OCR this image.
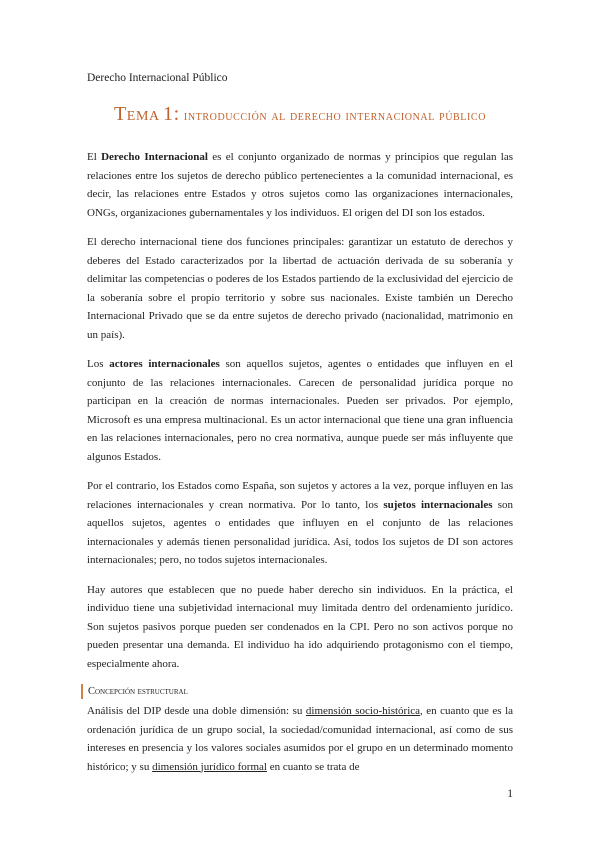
Derecho Internacional Público
TEMA 1: introducción al derecho internacional público

El Derecho Internacional es el conjunto organizado de normas y principios que regulan las relaciones entre los sujetos de derecho público pertenecientes a la comunidad internacional, es decir, las relaciones entre Estados y otros sujetos como las organizaciones internacionales, ONGs, organizaciones gubernamentales y los individuos. El origen del DI son los estados.

El derecho internacional tiene dos funciones principales: garantizar un estatuto de derechos y deberes del Estado caracterizados por la libertad de actuación derivada de su soberanía y delimitar las competencias o poderes de los Estados partiendo de la exclusividad del ejercicio de la soberanía sobre el propio territorio y sobre sus nacionales. Existe también un Derecho Internacional Privado que se da entre sujetos de derecho privado (nacionalidad, matrimonio en un país).

Los actores internacionales son aquellos sujetos, agentes o entidades que influyen en el conjunto de las relaciones internacionales. Carecen de personalidad jurídica porque no participan en la creación de normas internacionales. Pueden ser privados. Por ejemplo, Microsoft es una empresa multinacional. Es un actor internacional que tiene una gran influencia en las relaciones internacionales, pero no crea normativa, aunque puede ser más influyente que algunos Estados.

Por el contrario, los Estados como España, son sujetos y actores a la vez, porque influyen en las relaciones internacionales y crean normativa. Por lo tanto, los sujetos internacionales son aquellos sujetos, agentes o entidades que influyen en el conjunto de las relaciones internacionales y además tienen personalidad jurídica. Así, todos los sujetos de DI son actores internacionales; pero, no todos sujetos internacionales.

Hay autores que establecen que no puede haber derecho sin individuos. En la práctica, el individuo tiene una subjetividad internacional muy limitada dentro del ordenamiento jurídico. Son sujetos pasivos porque pueden ser condenados en la CPI. Pero no son activos porque no pueden presentar una demanda. El individuo ha ido adquiriendo protagonismo con el tiempo, especialmente ahora.

Concepción estructural

Análisis del DIP desde una doble dimensión: su dimensión socio-histórica, en cuanto que es la ordenación jurídica de un grupo social, la sociedad/comunidad internacional, así como de sus intereses en presencia y los valores sociales asumidos por el grupo en un determinado momento histórico; y su dimensión jurídico formal en cuanto se trata de

1
